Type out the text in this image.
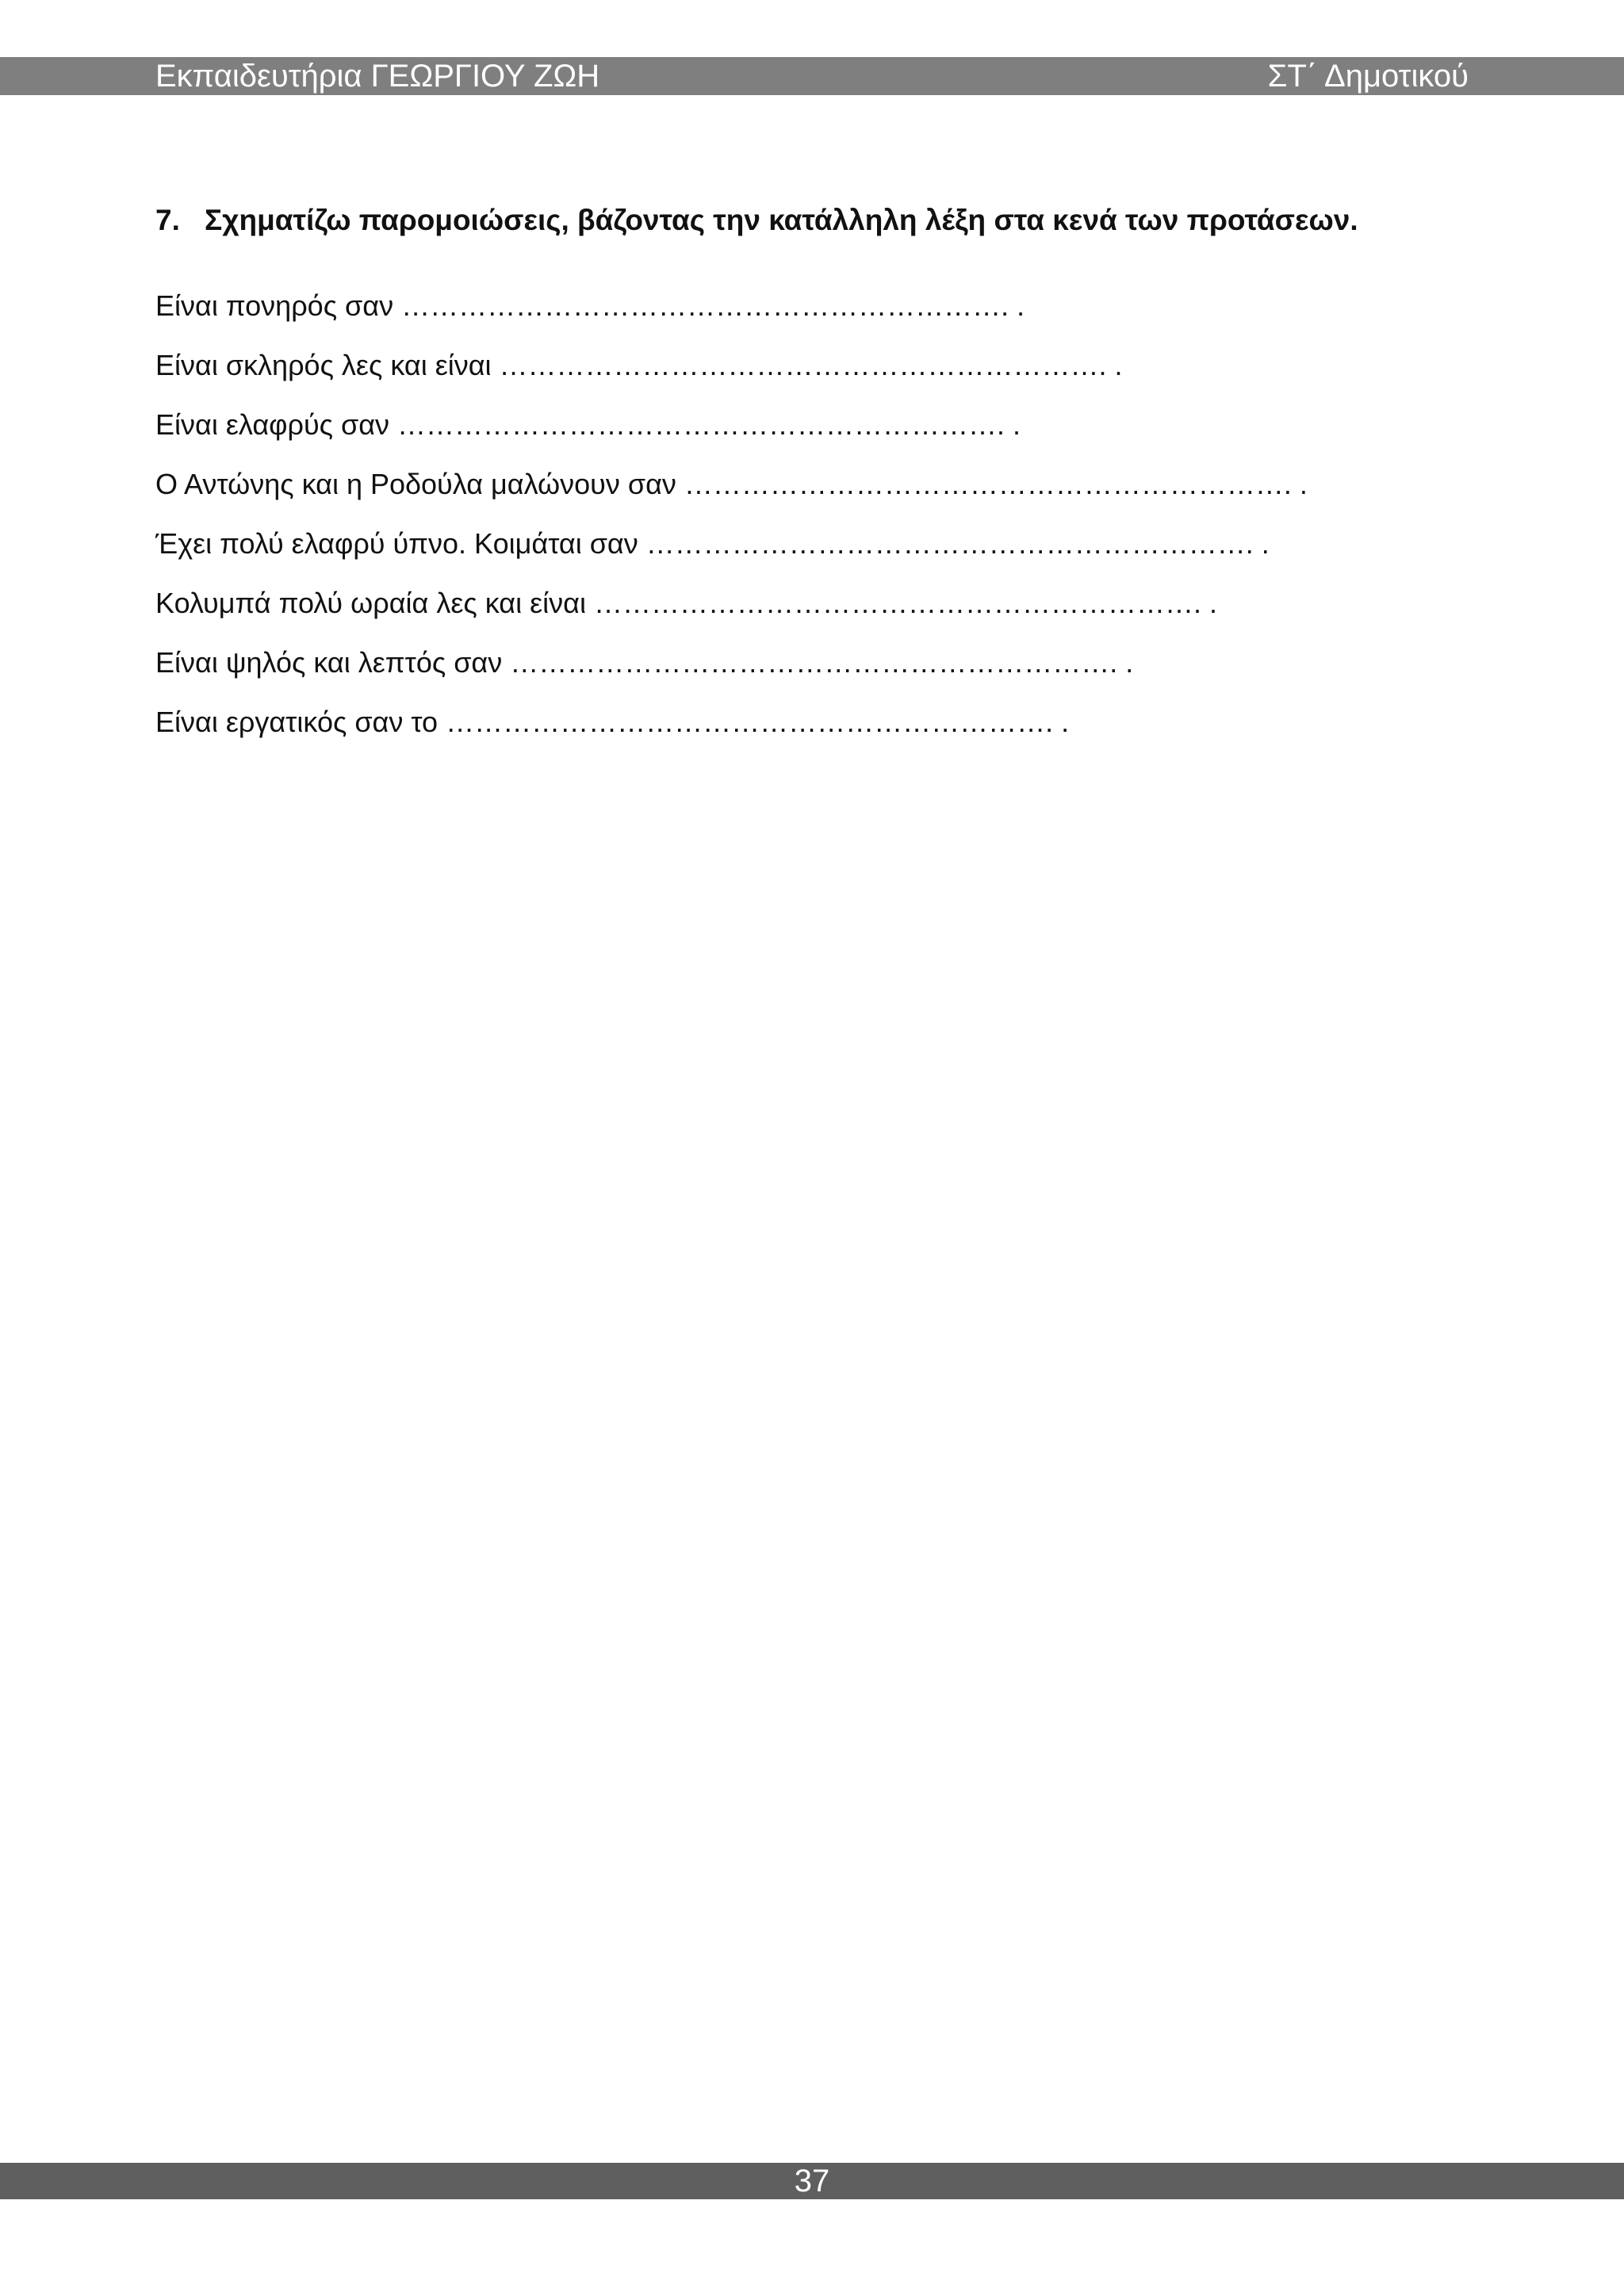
Εκπαιδευτήρια ΓΕΩΡΓΙΟΥ ΖΩΗ	ΣΤ΄ Δημοτικού
7. Σχηματίζω παρομοιώσεις, βάζοντας την κατάλληλη λέξη στα κενά των προτάσεων.
Είναι πονηρός σαν ………………………………………………………. .
Είναι σκληρός λες και είναι ………………………………………………………. .
Είναι ελαφρύς σαν ………………………………………………………. .
Ο Αντώνης και η Ροδούλα μαλώνουν σαν ………………………………………………………. .
Έχει πολύ ελαφρύ ύπνο. Κοιμάται σαν ………………………………………………………. .
Κολυμπά πολύ ωραία λες και είναι ………………………………………………………. .
Είναι ψηλός και λεπτός σαν ………………………………………………………. .
Είναι εργατικός σαν το ………………………………………………………. .
37
